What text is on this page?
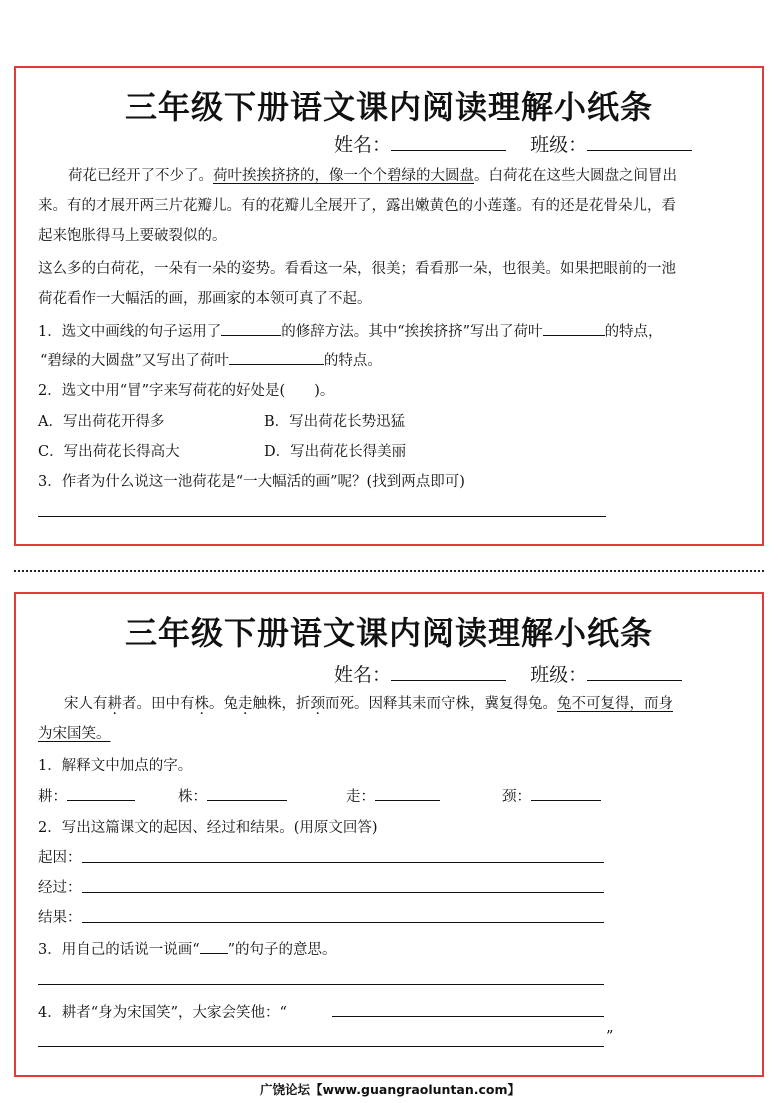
三年级下册语文课内阅读理解小纸条
姓名：	班级：
荷花已经开了不少了。荷叶挨挨挤挤的，像一个个碧绿的大圆盘。白荷花在这些大圆盘之间冒出
来。有的才展开两三片花瓣儿。有的花瓣儿全展开了，露出嫩黄色的小莲蓬。有的还是花骨朵儿，看
起来饱胀得马上要破裂似的。
这么多的白荷花，一朵有一朵的姿势。看看这一朵，很美；看看那一朵，也很美。如果把眼前的一池
荷花看作一大幅活的画，那画家的本领可真了不起。
1．选文中画线的句子运用了	的修辞方法。其中“挨挨挤挤”写出了荷叶	的特点，
“碧绿的大圆盘”又写出了荷叶	的特点。
2．选文中用“冒”字来写荷花的好处是(　　)。
A．写出荷花开得多	B．写出荷花长势迅猛
C．写出荷花长得高大	D．写出荷花长得美丽
3．作者为什么说这一池荷花是“一大幅活的画”呢？(找到两点即可)
三年级下册语文课内阅读理解小纸条
姓名：	班级：
宋人有耕者。田中有株。兔走触株，折颈而死。因释其耒而守株，冀复得兔。兔不可复得，而身
为宋国笑。
1．解释文中加点的字。
耕：	株：	走：	颈：
2．写出这篇课文的起因、经过和结果。(用原文回答)
起因：
经过：
结果：
3．用自己的话说一说画“ ”的句子的意思。
4．耕者“身为宋国笑”，大家会笑他：“
”
广饶论坛【www.guangraoluntan.com】
